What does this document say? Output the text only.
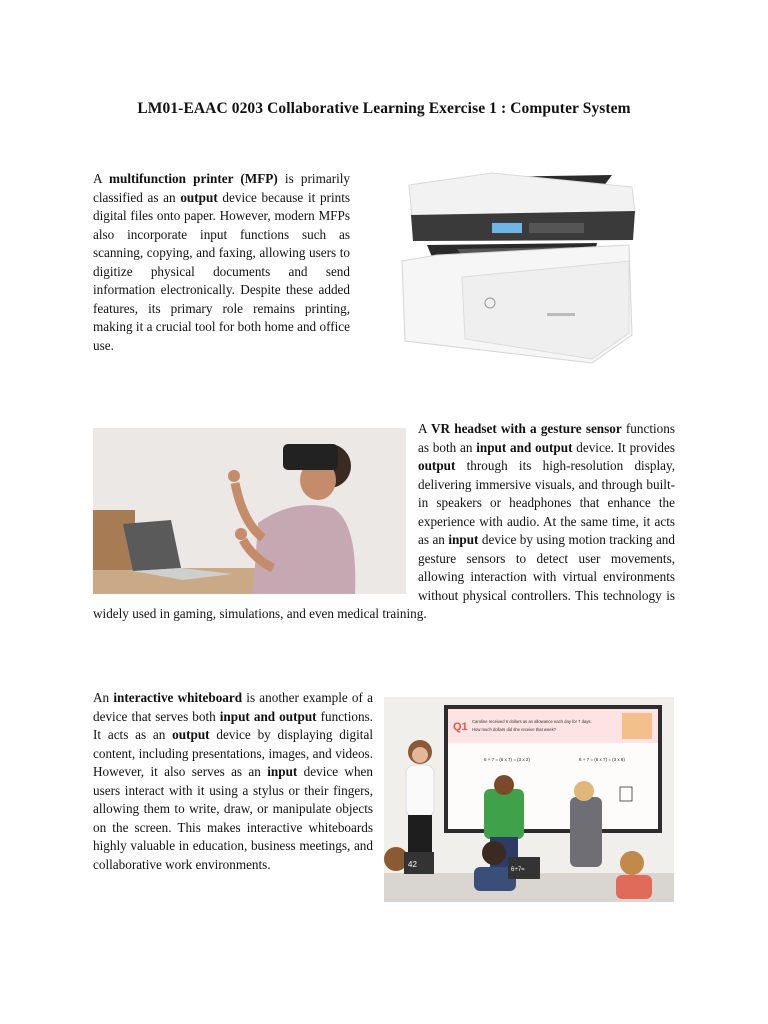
LM01-EAAC 0203 Collaborative Learning Exercise 1 : Computer System

A multifunction printer (MFP) is primarily classified as an output device because it prints digital files onto paper. However, modern MFPs also incorporate input functions such as scanning, copying, and faxing, allowing users to digitize physical documents and send information electronically. Despite these added features, its primary role remains printing, making it a crucial tool for both home and office use.

A VR headset with a gesture sensor functions as both an input and output device. It provides output through its high-resolution display, delivering immersive visuals, and through built-in speakers or headphones that enhance the experience with audio. At the same time, it acts as an input device by using motion tracking and gesture sensors to detect user movements, allowing interaction with virtual environments without physical controllers. This technology is widely used in gaming, simulations, and even medical training.

An interactive whiteboard is another example of a device that serves both input and output functions. It acts as an output device by displaying digital content, including presentations, images, and videos. However, it also serves as an input device when users interact with it using a stylus or their fingers, allowing them to write, draw, or manipulate objects on the screen. This makes interactive whiteboards highly valuable in education, business meetings, and collaborative work environments.

Q1 Caroline received 6 dollars as an allowance each day for 7 days.
How much dollars did she receive that week?
6 + 7 = (6 x 7) = (3 x 2)	6 + 7 = (6 x 7) = (3 x 8)
42
6+7=
